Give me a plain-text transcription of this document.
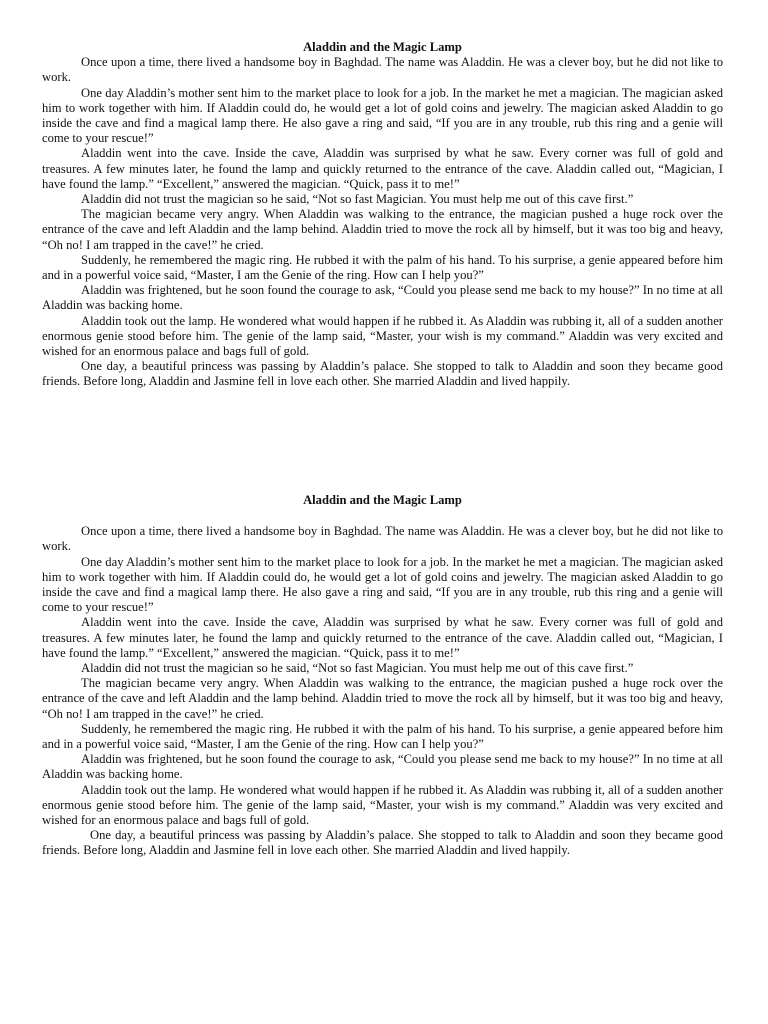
Aladdin and the Magic Lamp

Once upon a time, there lived a handsome boy in Baghdad. The name was Aladdin. He was a clever boy, but he did not like to work.

One day Aladdin’s mother sent him to the market place to look for a job. In the market he met a magician. The magician asked him to work together with him. If Aladdin could do, he would get a lot of gold coins and jewelry. The magician asked Aladdin to go inside the cave and find a magical lamp there. He also gave a ring and said, “If you are in any trouble, rub this ring and a genie will come to your rescue!”

Aladdin went into the cave. Inside the cave, Aladdin was surprised by what he saw. Every corner was full of gold and treasures. A few minutes later, he found the lamp and quickly returned to the entrance of the cave. Aladdin called out, “Magician, I have found the lamp.” “Excellent,” answered the magician. “Quick, pass it to me!”

Aladdin did not trust the magician so he said, “Not so fast Magician. You must help me out of this cave first.”

The magician became very angry. When Aladdin was walking to the entrance, the magician pushed a huge rock over the entrance of the cave and left Aladdin and the lamp behind. Aladdin tried to move the rock all by himself, but it was too big and heavy, “Oh no! I am trapped in the cave!” he cried.

Suddenly, he remembered the magic ring. He rubbed it with the palm of his hand. To his surprise, a genie appeared before him and in a powerful voice said, “Master, I am the Genie of the ring. How can I help you?”

Aladdin was frightened, but he soon found the courage to ask, “Could you please send me back to my house?” In no time at all Aladdin was backing home.

Aladdin took out the lamp. He wondered what would happen if he rubbed it. As Aladdin was rubbing it, all of a sudden another enormous genie stood before him. The genie of the lamp said, “Master, your wish is my command.” Aladdin was very excited and wished for an enormous palace and bags full of gold.

One day, a beautiful princess was passing by Aladdin’s palace. She stopped to talk to Aladdin and soon they became good friends. Before long, Aladdin and Jasmine fell in love each other. She married Aladdin and lived happily.

Aladdin and the Magic Lamp

Once upon a time, there lived a handsome boy in Baghdad. The name was Aladdin. He was a clever boy, but he did not like to work.

One day Aladdin’s mother sent him to the market place to look for a job. In the market he met a magician. The magician asked him to work together with him. If Aladdin could do, he would get a lot of gold coins and jewelry. The magician asked Aladdin to go inside the cave and find a magical lamp there. He also gave a ring and said, “If you are in any trouble, rub this ring and a genie will come to your rescue!”

Aladdin went into the cave. Inside the cave, Aladdin was surprised by what he saw. Every corner was full of gold and treasures. A few minutes later, he found the lamp and quickly returned to the entrance of the cave. Aladdin called out, “Magician, I have found the lamp.” “Excellent,” answered the magician. “Quick, pass it to me!”

Aladdin did not trust the magician so he said, “Not so fast Magician. You must help me out of this cave first.”

The magician became very angry. When Aladdin was walking to the entrance, the magician pushed a huge rock over the entrance of the cave and left Aladdin and the lamp behind. Aladdin tried to move the rock all by himself, but it was too big and heavy, “Oh no! I am trapped in the cave!” he cried.

Suddenly, he remembered the magic ring. He rubbed it with the palm of his hand. To his surprise, a genie appeared before him and in a powerful voice said, “Master, I am the Genie of the ring. How can I help you?”

Aladdin was frightened, but he soon found the courage to ask, “Could you please send me back to my house?” In no time at all Aladdin was backing home.

Aladdin took out the lamp. He wondered what would happen if he rubbed it. As Aladdin was rubbing it, all of a sudden another enormous genie stood before him. The genie of the lamp said, “Master, your wish is my command.” Aladdin was very excited and wished for an enormous palace and bags full of gold.

One day, a beautiful princess was passing by Aladdin’s palace. She stopped to talk to Aladdin and soon they became good friends. Before long, Aladdin and Jasmine fell in love each other. She married Aladdin and lived happily.
